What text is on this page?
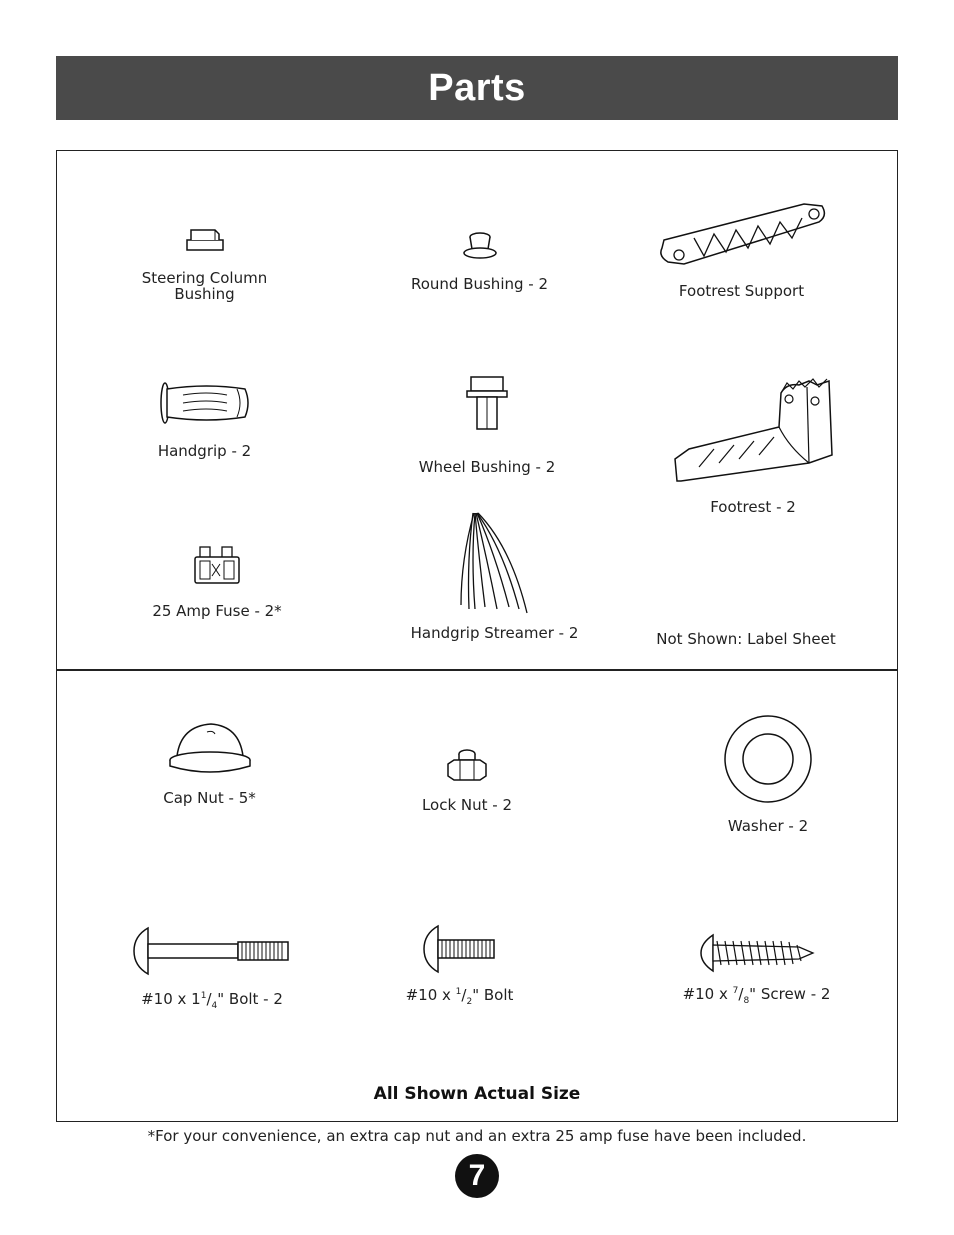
Parts
Steering Column
Bushing
Round Bushing - 2	Footrest Support
Handgrip - 2
Wheel Bushing - 2
Footrest - 2
25 Amp Fuse - 2*
Handgrip Streamer - 2	Not Shown: Label Sheet
Cap Nut - 5*	Lock Nut - 2
Washer - 2
#10 x $1^1/_4$" Bolt - 2	#10 x $^1/_2$" Bolt	#10 x $^7/_8$" Screw - 2
All Shown Actual Size
*For your convenience, an extra cap nut and an extra 25 amp fuse have been included.
7
